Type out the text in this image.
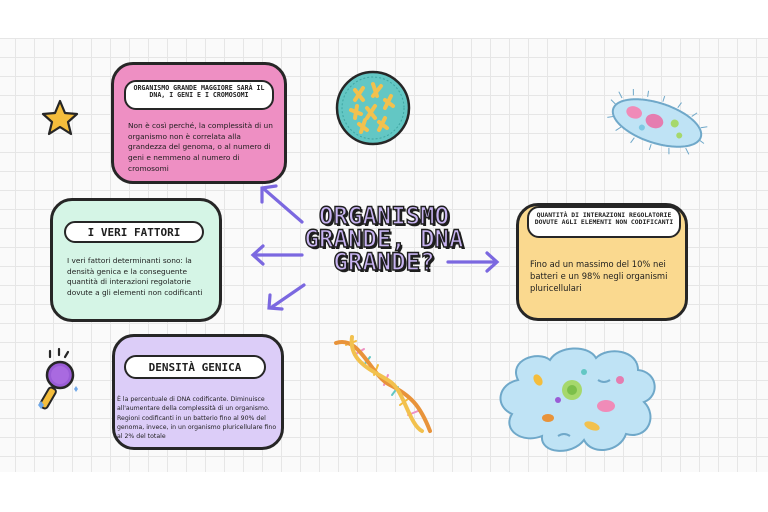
ORGANISMO GRANDE MAGGIORE SARÀ IL DNA, I GENI E I CROMOSOMI
Non è così perché, la complessità di un organismo non è correlata alla grandezza del genoma, o al numero di geni e nemmeno al numero di cromosomi
I VERI FATTORI
I veri fattori determinanti sono: la densità genica e la conseguente quantità di interazioni regolatorie dovute a gli elementi non codificanti
DENSITÀ GENICA
È la percentuale di DNA codificante. Diminuisce all'aumentare della complessità di un organismo. Regioni codificanti in un batterio fino al 90% del genoma, invece, in un organismo pluricellulare fino al 2% del totale
QUANTITÀ DI INTERAZIONI REGOLATORIE DOVUTE AGLI ELEMENTI NON CODIFICANTI
Fino ad un massimo del 10% nei batteri e un 98% negli organismi pluricellulari
ORGANISMO GRANDE, DNA GRANDE?
